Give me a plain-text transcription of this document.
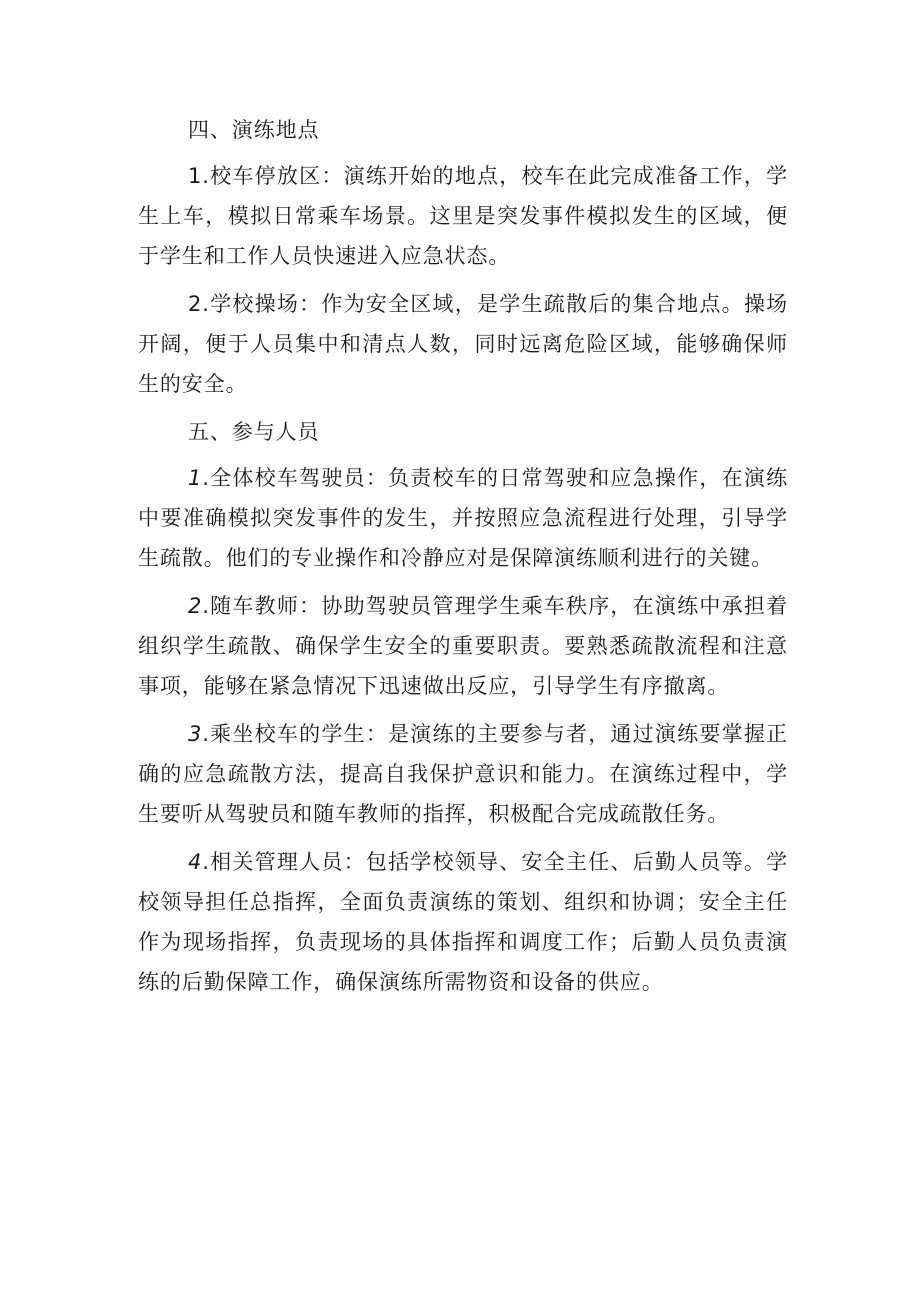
四、演练地点

1.校车停放区：演练开始的地点，校车在此完成准备工作，学生上车，模拟日常乘车场景。这里是突发事件模拟发生的区域，便于学生和工作人员快速进入应急状态。

2.学校操场：作为安全区域，是学生疏散后的集合地点。操场开阔，便于人员集中和清点人数，同时远离危险区域，能够确保师生的安全。

五、参与人员

1.全体校车驾驶员：负责校车的日常驾驶和应急操作，在演练中要准确模拟突发事件的发生，并按照应急流程进行处理，引导学生疏散。他们的专业操作和冷静应对是保障演练顺利进行的关键。

2.随车教师：协助驾驶员管理学生乘车秩序，在演练中承担着组织学生疏散、确保学生安全的重要职责。要熟悉疏散流程和注意事项，能够在紧急情况下迅速做出反应，引导学生有序撤离。

3.乘坐校车的学生：是演练的主要参与者，通过演练要掌握正确的应急疏散方法，提高自我保护意识和能力。在演练过程中，学生要听从驾驶员和随车教师的指挥，积极配合完成疏散任务。

4.相关管理人员：包括学校领导、安全主任、后勤人员等。学校领导担任总指挥，全面负责演练的策划、组织和协调；安全主任作为现场指挥，负责现场的具体指挥和调度工作；后勤人员负责演练的后勤保障工作，确保演练所需物资和设备的供应。
